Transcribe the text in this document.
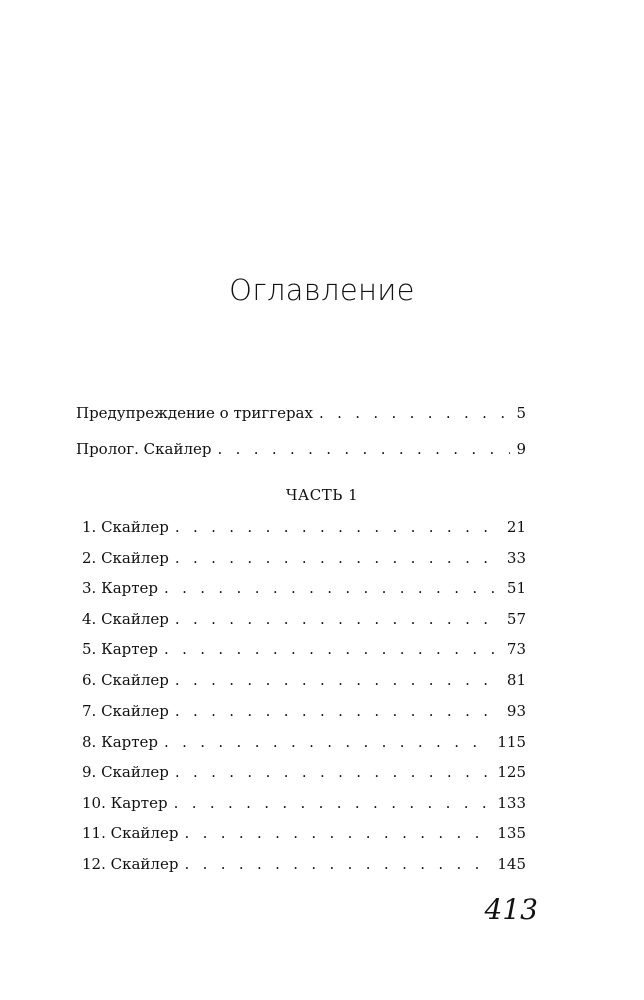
Оглавление
Предупреждение о триггерах . . .	5
Пролог. Скайлер . . .	9
ЧАСТЬ 1
1. Скайлер . . .	21
2. Скайлер . . .	33
3. Картер . . .	51
4. Скайлер . . .	57
5. Картер . . .	73
6. Скайлер . . .	81
7. Скайлер . . .	93
8. Картер . . .	115
9. Скайлер . . .	125
10. Картер . . .	133
11. Скайлер . . .	135
12. Скайлер . . .	145
413
